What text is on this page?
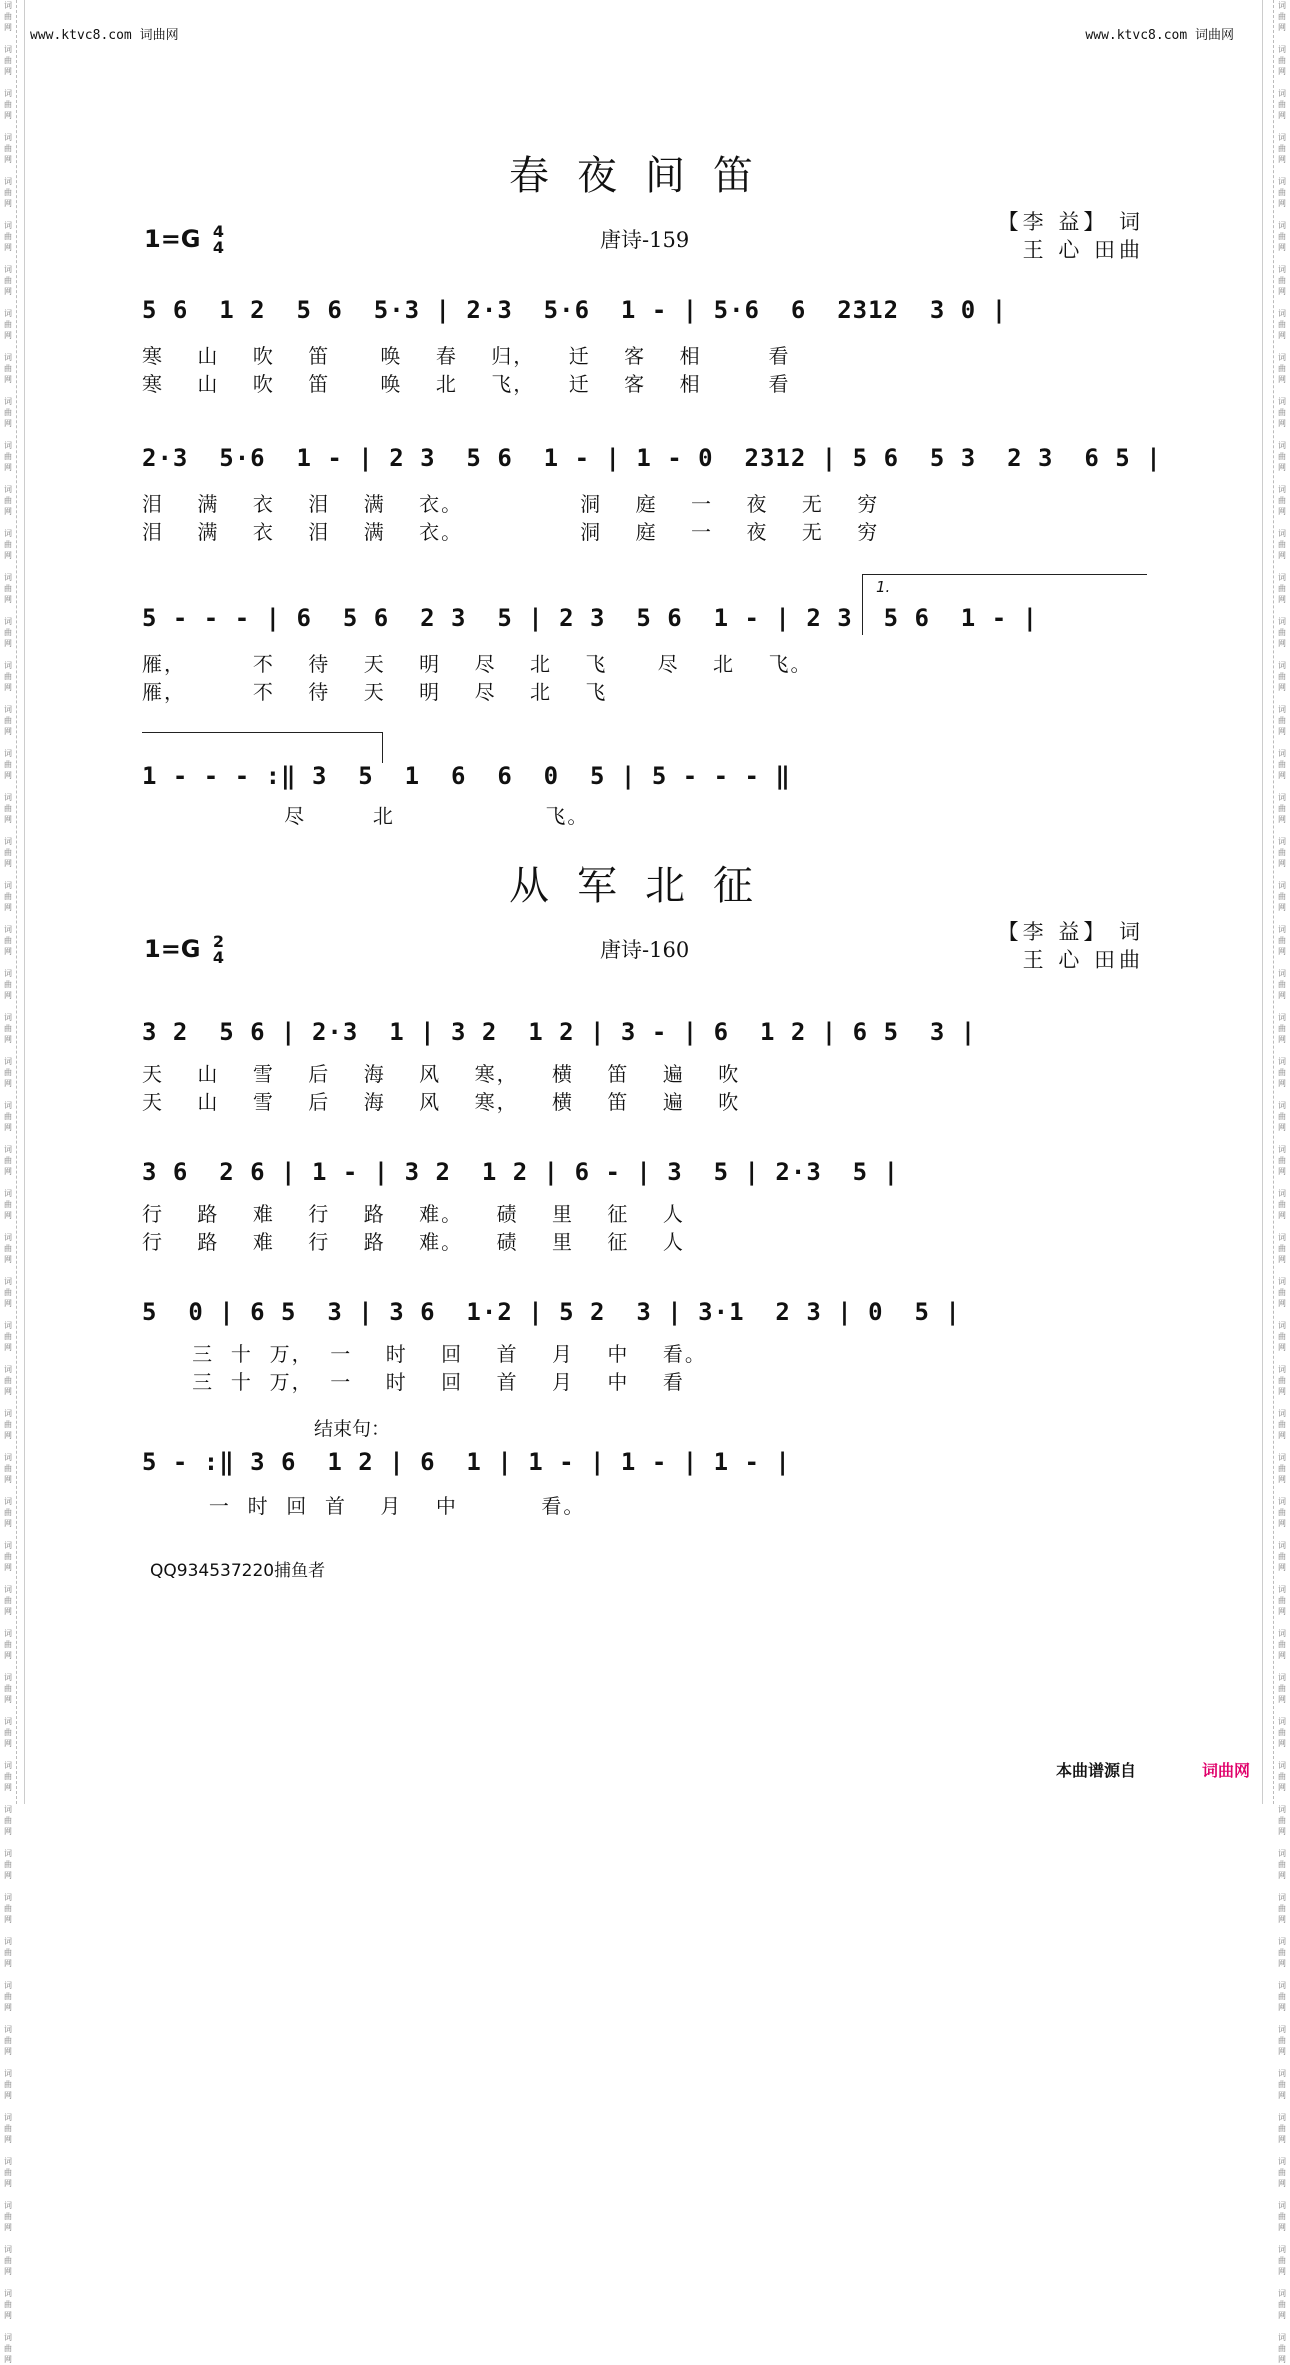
词
曲
网

词
曲
网

词
曲
网

词
曲
网

词
曲
网

词
曲
网

词
曲
网

词
曲
网

词
曲
网

词
曲
网

词
曲
网

词
曲
网

词
曲
网

词
曲
网

词
曲
网

词
曲
网

词
曲
网

词
曲
网

词
曲
网

词
曲
网

词
曲
网

词
曲
网

词
曲
网

词
曲
网

词
曲
网

词
曲
网

词
曲
网

词
曲
网

词
曲
网

词
曲
网

词
曲
网

词
曲
网

词
曲
网

词
曲
网

词
曲
网

词
曲
网

词
曲
网

词
曲
网

词
曲
网

词
曲
网

词
曲
网

词
曲
网

词
曲
网

词
曲
网

词
曲
网

词
曲
网

词
曲
网

词
曲
网

词
曲
网

词
曲
网

词
曲
网

词
曲
网

词
曲
网

词
曲
网

词
曲
网

词
曲
网

词
曲
网

词
曲
网

词
曲
网

词
曲
网

词
曲
网

词
曲
网

词
曲
网

词
曲
网

词
曲
网

词
曲
网

词
曲
网

词
曲
网

词
曲
网

词
曲
网

词
曲
网

词
曲
网

词
曲
网

词
曲
网

词
曲
网

词
曲
网

词
曲
网

词
曲
网

词
曲
网

词
曲
网

词
曲
网

词
曲
网

词
曲
网

词
曲
网

词
曲
网

词
曲
网

词
曲
网

词
曲
网

词
曲
网

词
曲
网

词
曲
网

词
曲
网

词
曲
网

词
曲
网

词
曲
网

词
曲
网

词
曲
网

词
曲
网

词
曲
网

词
曲
网

词
曲
网

词
曲
网

词
曲
网

词
曲
网

词
曲
网

词
曲
网

词
曲
网

词
曲
网

www.ktvc8.com 词曲网	www.ktvc8.com 词曲网
春夜间笛
1=G 4
4	唐诗-159
【李 益】 词
王 心 田曲
5 6  1 2  5 6  5·3 | 2·3  5·6  1 - | 5·6  6  2312  3 0 |
寒    山    吹    笛      唤    春    归，    迁    客    相        看
寒    山    吹    笛      唤    北    飞，    迁    客    相        看
2·3  5·6  1 - | 2 3  5 6  1 - | 1 - 0  2312 | 5 6  5 3  2 3  6 5 |
泪    满    衣    泪    满    衣。              洞    庭    一    夜    无    穷
泪    满    衣    泪    满    衣。              洞    庭    一    夜    无    穷
1.
5 - - - | 6  5 6  2 3  5 | 2 3  5 6  1 - | 2 3  5 6  1 - |
雁，        不    待    天    明    尽    北    飞      尽    北    飞。
雁，        不    待    天    明    尽    北    飞
1 - - - :‖ 3  5  1  6  6  0  5 | 5 - - - ‖
尽        北                  飞。
从军北征
1=G 2
4	唐诗-160
【李 益】 词
王 心 田曲
3 2  5 6 | 2·3  1 | 3 2  1 2 | 3 - | 6  1 2 | 6 5  3 |
天    山    雪    后    海    风    寒，    横    笛    遍    吹
天    山    雪    后    海    风    寒，    横    笛    遍    吹
3 6  2 6 | 1 - | 3 2  1 2 | 6 - | 3  5 | 2·3  5 |
行    路    难    行    路    难。    碛    里    征    人
行    路    难    行    路    难。    碛    里    征    人
5  0 | 6 5  3 | 3 6  1·2 | 5 2  3 | 3·1  2 3 | 0  5 |
三  十  万，  一    时    回    首    月    中    看。
三  十  万，  一    时    回    首    月    中    看
结束句：
5 - :‖ 3 6  1 2 | 6  1 | 1 - | 1 - | 1 - |
一  时  回  首    月    中          看。
QQ934537220捕鱼者
本曲谱源自	词曲网
